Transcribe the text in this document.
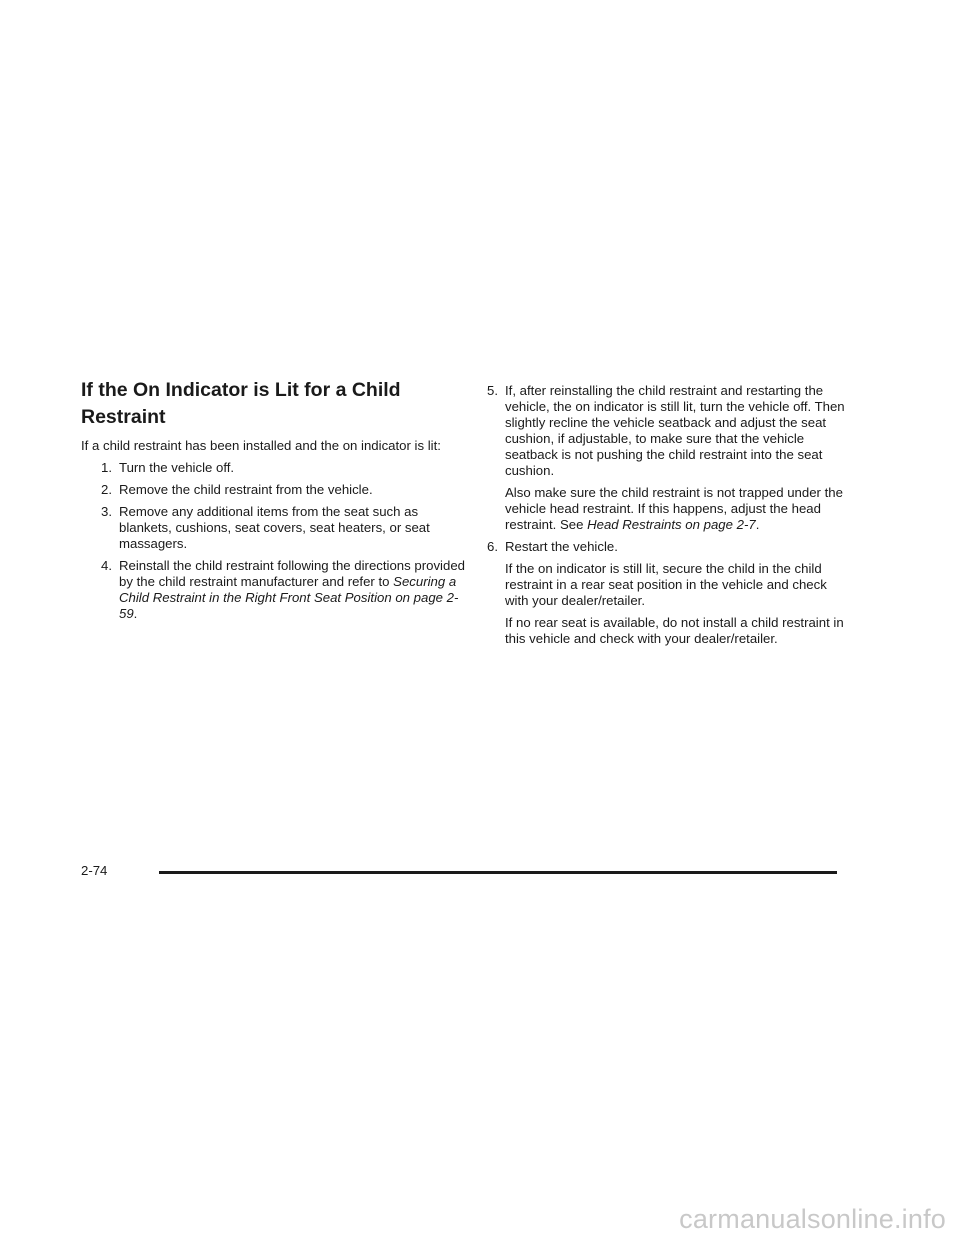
If the On Indicator is Lit for a Child
Restraint

If a child restraint has been installed and the on indicator is lit:

1. Turn the vehicle off.
2. Remove the child restraint from the vehicle.
3. Remove any additional items from the seat such as blankets, cushions, seat covers, seat heaters, or seat massagers.
4. Reinstall the child restraint following the directions provided by the child restraint manufacturer and refer to Securing a Child Restraint in the Right Front Seat Position on page 2-59.
5. If, after reinstalling the child restraint and restarting the vehicle, the on indicator is still lit, turn the vehicle off. Then slightly recline the vehicle seatback and adjust the seat cushion, if adjustable, to make sure that the vehicle seatback is not pushing the child restraint into the seat cushion.

Also make sure the child restraint is not trapped under the vehicle head restraint. If this happens, adjust the head restraint. See Head Restraints on page 2-7.

6. Restart the vehicle.

If the on indicator is still lit, secure the child in the child restraint in a rear seat position in the vehicle and check with your dealer/retailer.

If no rear seat is available, do not install a child restraint in this vehicle and check with your dealer/retailer.

2-74
carmanualsonline.info
